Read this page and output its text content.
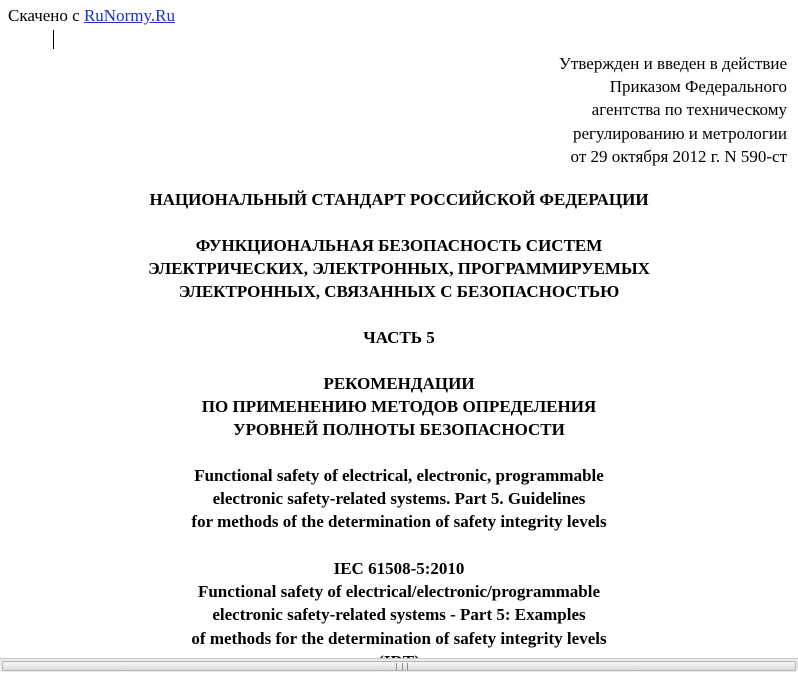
Скачено с RuNormy.Ru
Утвержден и введен в действие
Приказом Федерального
агентства по техническому
регулированию и метрологии
от 29 октября 2012 г. N 590-ст
НАЦИОНАЛЬНЫЙ СТАНДАРТ РОССИЙСКОЙ ФЕДЕРАЦИИ
ФУНКЦИОНАЛЬНАЯ БЕЗОПАСНОСТЬ СИСТЕМ
ЭЛЕКТРИЧЕСКИХ, ЭЛЕКТРОННЫХ, ПРОГРАММИРУЕМЫХ
ЭЛЕКТРОННЫХ, СВЯЗАННЫХ С БЕЗОПАСНОСТЬЮ
ЧАСТЬ 5
РЕКОМЕНДАЦИИ
ПО ПРИМЕНЕНИЮ МЕТОДОВ ОПРЕДЕЛЕНИЯ
УРОВНЕЙ ПОЛНОТЫ БЕЗОПАСНОСТИ
Functional safety of electrical, electronic, programmable
electronic safety-related systems. Part 5. Guidelines
for methods of the determination of safety integrity levels
IEC 61508-5:2010
Functional safety of electrical/electronic/programmable
electronic safety-related systems - Part 5: Examples
of methods for the determination of safety integrity levels
